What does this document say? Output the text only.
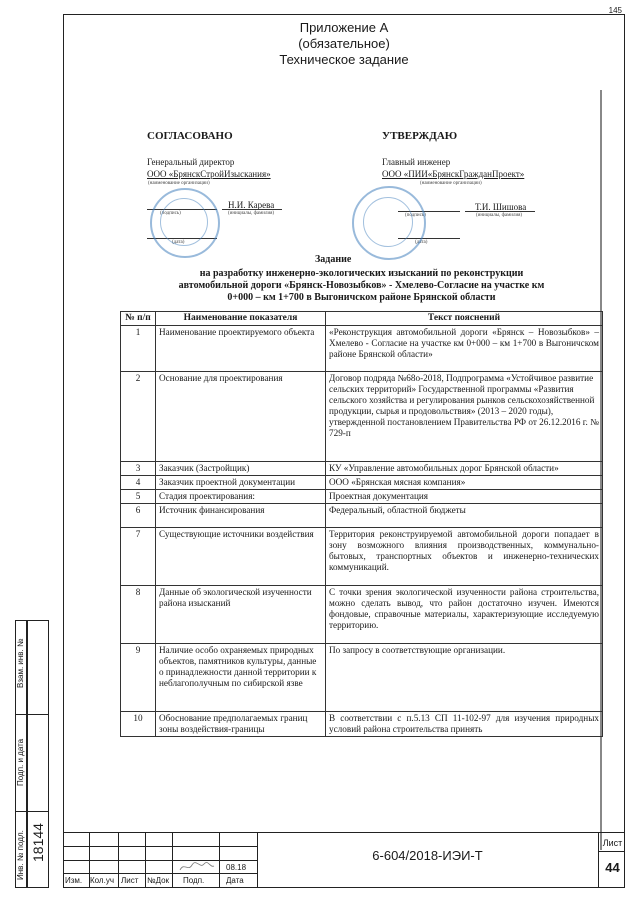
145
Приложение А
(обязательное)
Техническое задание
СОГЛАСОВАНО
Генеральный директор
ООО «БрянскСтройИзыскания»
(наименование организации)
(подпись)
Н.И. Карева
(инициалы, фамилия)
(дата)
УТВЕРЖДАЮ
Главный инженер
ООО «ПИИ«БрянскГражданПроект»
(наименование организации)
(подпись)
Т.И. Шишова
(инициалы, фамилия)
(дата)
Задание
на разработку инженерно-экологических изысканий по реконструкции
автомобильной дороги «Брянск-Новозыбков» - Хмелево-Согласие на участке км
0+000 – км 1+700 в Выгоничском районе Брянской области
№ п/п	Наименование показателя	Текст пояснений
1	Наименование проектируемого объекта	«Реконструкция автомобильной дороги «Брянск – Новозыбков» – Хмелево - Согласие на участке км 0+000 – км 1+700 в Выгоничском районе Брянской области»
2	Основание для проектирования	Договор подряда №68о-2018, Подпрограмма «Устойчивое развитие сельских территорий» Государственной программы «Развития сельского хозяйства и регулирования рынков сельскохозяйственной продукции, сырья и продовольствия» (2013 – 2020 годы), утвержденной постановлением Правительства РФ от 26.12.2016 г. № 729-п
3	Заказчик (Застройщик)	КУ «Управление автомобильных дорог Брянской области»
4	Заказчик проектной документации	ООО «Брянская мясная компания»
5	Стадия проектирования:	Проектная документация
6	Источник финансирования	Федеральный, областной бюджеты
7	Существующие источники воздействия	Территория реконструируемой автомобильной дороги попадает в зону возможного влияния производственных, коммунально-бытовых, транспортных объектов и инженерно-технических коммуникаций.
8	Данные об экологической изученности района изысканий	С точки зрения экологической изученности района строительства, можно сделать вывод, что район достаточно изучен. Имеются фондовые, справочные материалы, характеризующие исследуемую территорию.
9	Наличие особо охраняемых природных объектов, памятников культуры, данные о принадлежности данной территории к неблагополучным по сибирской язве	По запросу в соответствующие организации.
10	Обоснование предполагаемых границ зоны воздействия-границы	В соответствии с п.5.13 СП 11-102-97 для изучения природных условий района строительства принять
Взам. инв. №
Подп. и дата
Инв. № подл. 18144
Изм. Кол.уч Лист №Док Подп.	Дата
08.18
6-604/2018-ИЭИ-Т
Лист
44
